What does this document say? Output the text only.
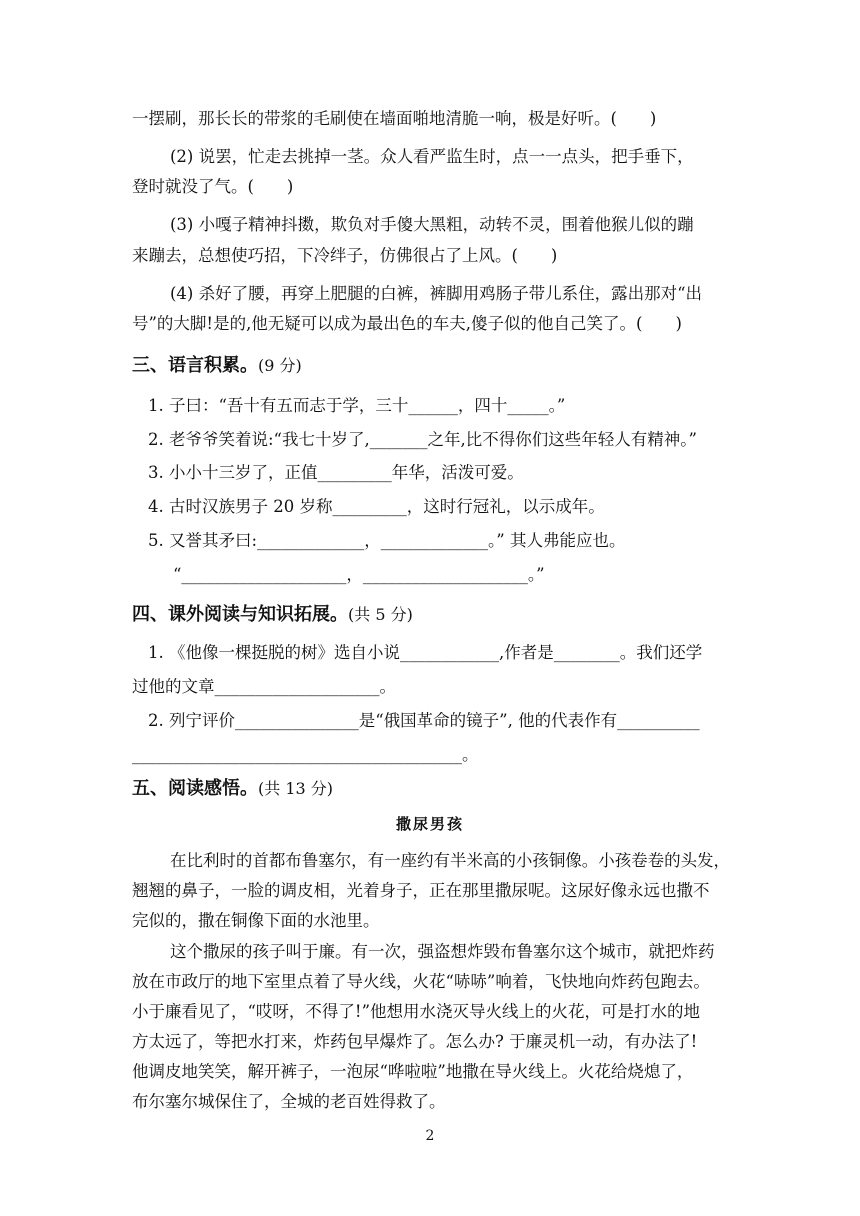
一摆刷，那长长的带浆的毛刷使在墙面啪地清脆一响，极是好听。(　　)
(2) 说罢，忙走去挑掉一茎。众人看严监生时，点一一点头，把手垂下，
登时就没了气。(　　)
(3) 小嘎子精神抖擞，欺负对手傻大黑粗，动转不灵，围着他猴儿似的蹦
来蹦去，总想使巧招，下冷绊子，仿佛很占了上风。(　　)
(4) 杀好了腰，再穿上肥腿的白裤，裤脚用鸡肠子带儿系住，露出那对“出
号”的大脚!是的,他无疑可以成为最出色的车夫,傻子似的他自己笑了。(　　)
三、语言积累。(9 分)
1. 子曰：“吾十有五而志于学，三十______，四十_____。”
2. 老爷爷笑着说:“我七十岁了,_______之年,比不得你们这些年轻人有精神。”
3. 小小十三岁了，正值_________年华，活泼可爱。
4. 古时汉族男子 20 岁称_________，这时行冠礼，以示成年。
5. 又誉其矛曰:_____________，_____________。” 其人弗能应也。
“____________________，____________________。”
四、课外阅读与知识拓展。(共 5 分)
1. 《他像一棵挺脱的树》选自小说____________,作者是________。我们还学
过他的文章____________________。
2. 列宁评价_______________是“俄国革命的镜子”, 他的代表作有__________
________________________________________。
五、阅读感悟。(共 13 分)
撒尿男孩
在比利时的首都布鲁塞尔，有一座约有半米高的小孩铜像。小孩卷卷的头发，
翘翘的鼻子，一脸的调皮相，光着身子，正在那里撒尿呢。这尿好像永远也撒不
完似的，撒在铜像下面的水池里。
这个撒尿的孩子叫于廉。有一次，强盗想炸毁布鲁塞尔这个城市，就把炸药
放在市政厅的地下室里点着了导火线，火花“哧哧”响着，飞快地向炸药包跑去。
小于廉看见了，“哎呀，不得了!”他想用水浇灭导火线上的火花，可是打水的地
方太远了，等把水打来，炸药包早爆炸了。怎么办? 于廉灵机一动，有办法了!
他调皮地笑笑，解开裤子，一泡尿“哗啦啦”地撒在导火线上。火花给烧熄了，
布尔塞尔城保住了，全城的老百姓得救了。
2
